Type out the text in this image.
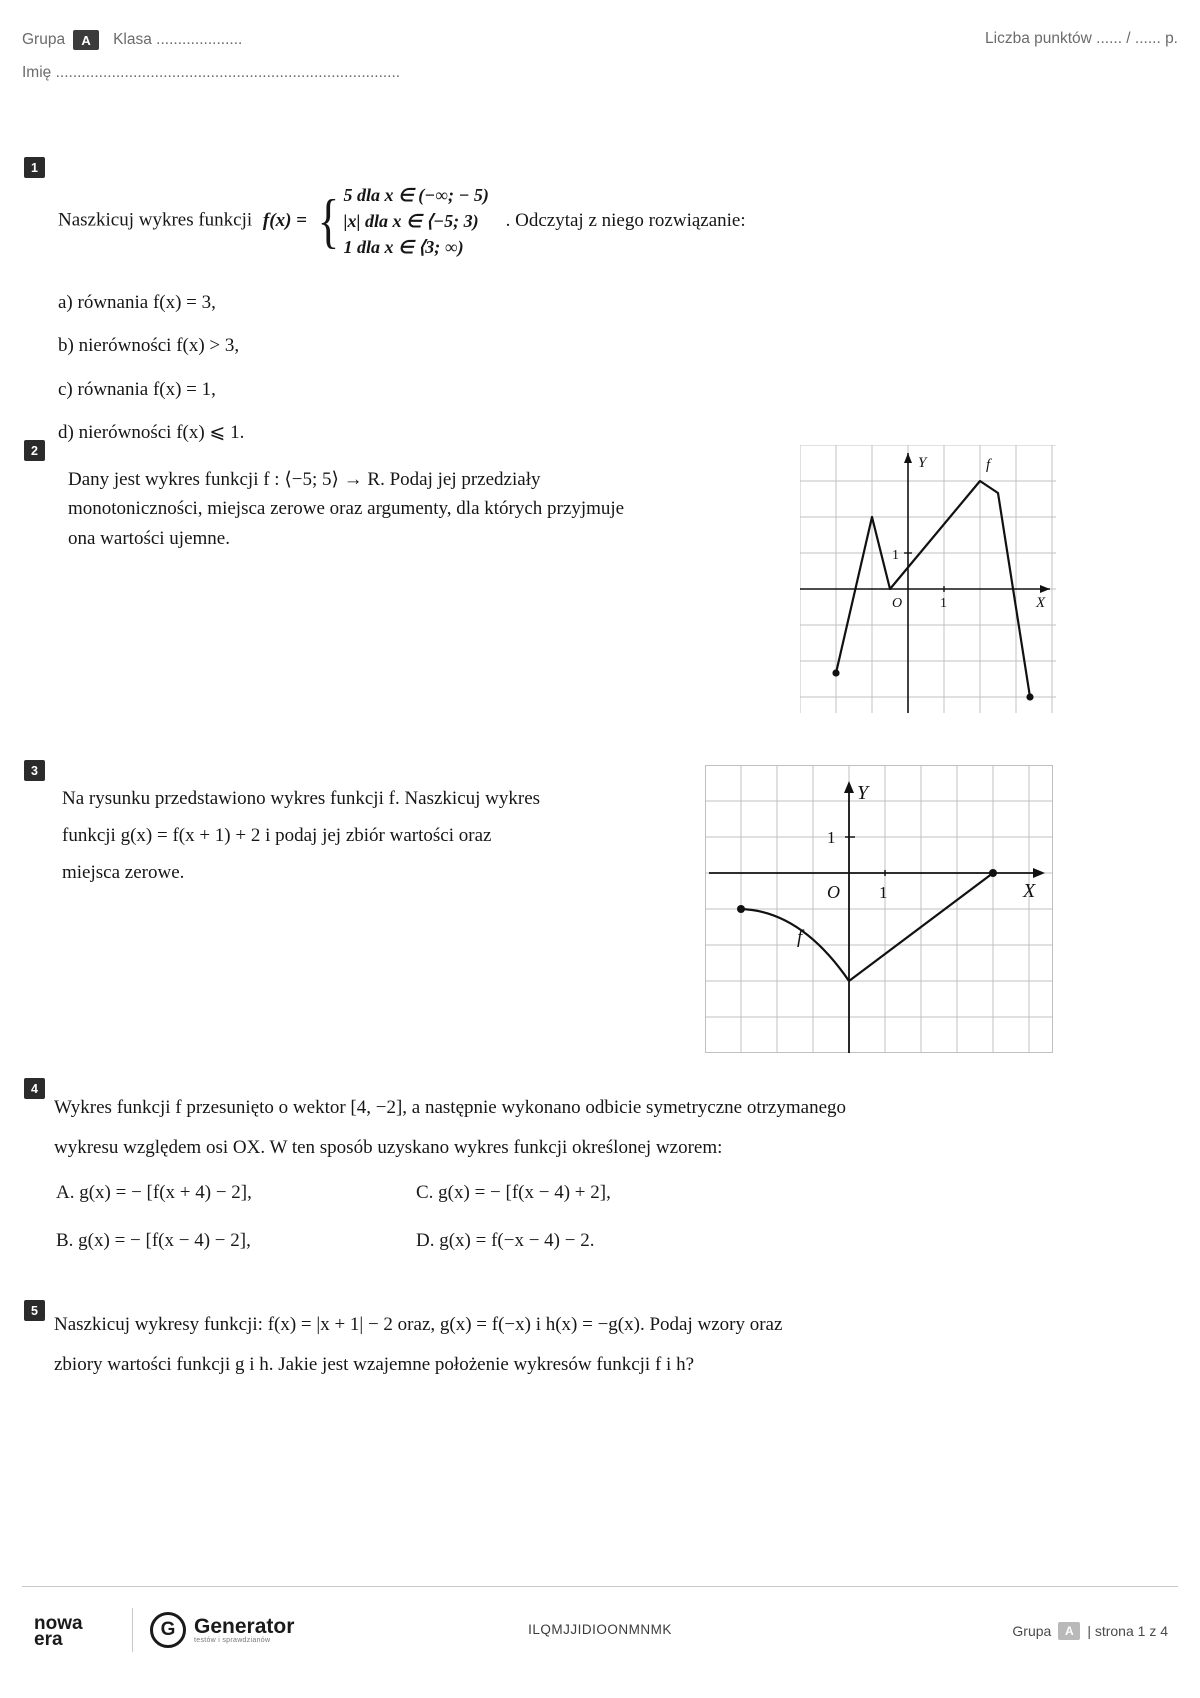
Grupa	A	Klasa ....................	Liczba punktów ...... / ...... p.
Imię ................................................................................
1
Naszkicuj wykres funkcji f(x) = { 5 dla x ∈ (−∞; − 5)
|x| dla x ∈ ⟨−5; 3)
1 dla x ∈ ⟨3; ∞)
. Odczytaj z niego rozwiązanie:
a) równania f(x) = 3,
b) nierówności f(x) > 3,
c) równania f(x) = 1,
d) nierówności f(x) ⩽ 1.
2
Dany jest wykres funkcji f : ⟨−5; 5⟩ → R. Podaj jej przedziały
monotoniczności, miejsca zerowe oraz argumenty, dla których przyjmuje
ona wartości ujemne.
Y
X
O	1
1
f
3
Na rysunku przedstawiono wykres funkcji f. Naszkicuj wykres
funkcji g(x) = f(x + 1) + 2 i podaj jej zbiór wartości oraz
miejsca zerowe.
Y
X
O 1
1
f
4
Wykres funkcji f przesunięto o wektor [4, −2], a następnie wykonano odbicie symetryczne otrzymanego
wykresu względem osi OX. W ten sposób uzyskano wykres funkcji określonej wzorem:
A. g(x) = − [f(x + 4) − 2],	C. g(x) = − [f(x − 4) + 2],
B. g(x) = − [f(x − 4) − 2],	D. g(x) = f(−x − 4) − 2.
5
Naszkicuj wykresy funkcji: f(x) = |x + 1| − 2 oraz, g(x) = f(−x) i h(x) = −g(x). Podaj wzory oraz
zbiory wartości funkcji g i h. Jakie jest wzajemne położenie wykresów funkcji f i h?
nowa
era	G Generator
testów i sprawdzianów
ILQMJJIDIOONMNMK	Grupa	A | strona 1 z 4
